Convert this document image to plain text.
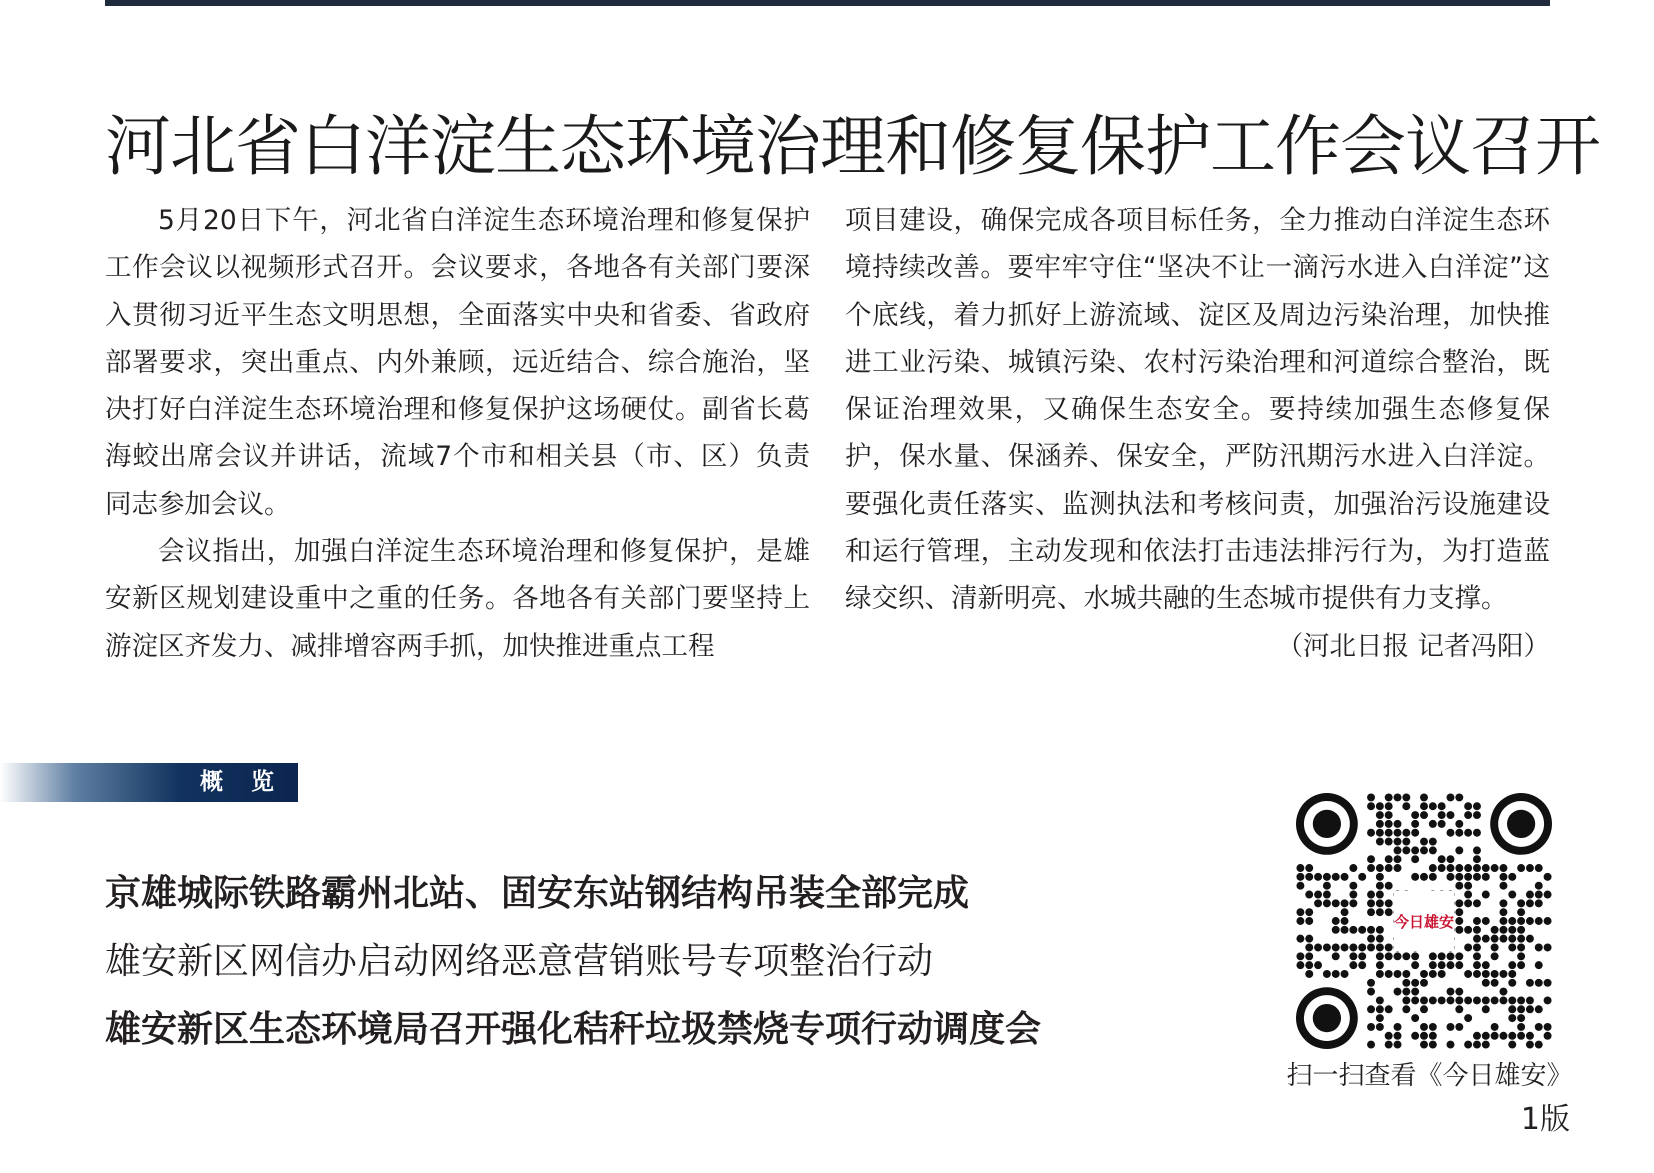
河北省白洋淀生态环境治理和修复保护工作会议召开

5月20日下午，河北省白洋淀生态环境治理和修复保护工作会议以视频形式召开。会议要求，各地各有关部门要深入贯彻习近平生态文明思想，全面落实中央和省委、省政府部署要求，突出重点、内外兼顾，远近结合、综合施治，坚决打好白洋淀生态环境治理和修复保护这场硬仗。副省长葛海蛟出席会议并讲话，流域7个市和相关县（市、区）负责同志参加会议。

会议指出，加强白洋淀生态环境治理和修复保护，是雄安新区规划建设重中之重的任务。各地各有关部门要坚持上游淀区齐发力、减排增容两手抓，加快推进重点工程

项目建设，确保完成各项目标任务，全力推动白洋淀生态环境持续改善。要牢牢守住“坚决不让一滴污水进入白洋淀”这个底线，着力抓好上游流域、淀区及周边污染治理，加快推进工业污染、城镇污染、农村污染治理和河道综合整治，既保证治理效果，又确保生态安全。要持续加强生态修复保护，保水量、保涵养、保安全，严防汛期污水进入白洋淀。要强化责任落实、监测执法和考核问责，加强治污设施建设和运行管理，主动发现和依法打击违法排污行为，为打造蓝绿交织、清新明亮、水城共融的生态城市提供有力支撑。

（河北日报 记者冯阳）

概 览
京雄城际铁路霸州北站、固安东站钢结构吊装全部完成
雄安新区网信办启动网络恶意营销账号专项整治行动
雄安新区生态环境局召开强化秸秆垃圾禁烧专项行动调度会
今日雄安
扫一扫查看《今日雄安》
1版
